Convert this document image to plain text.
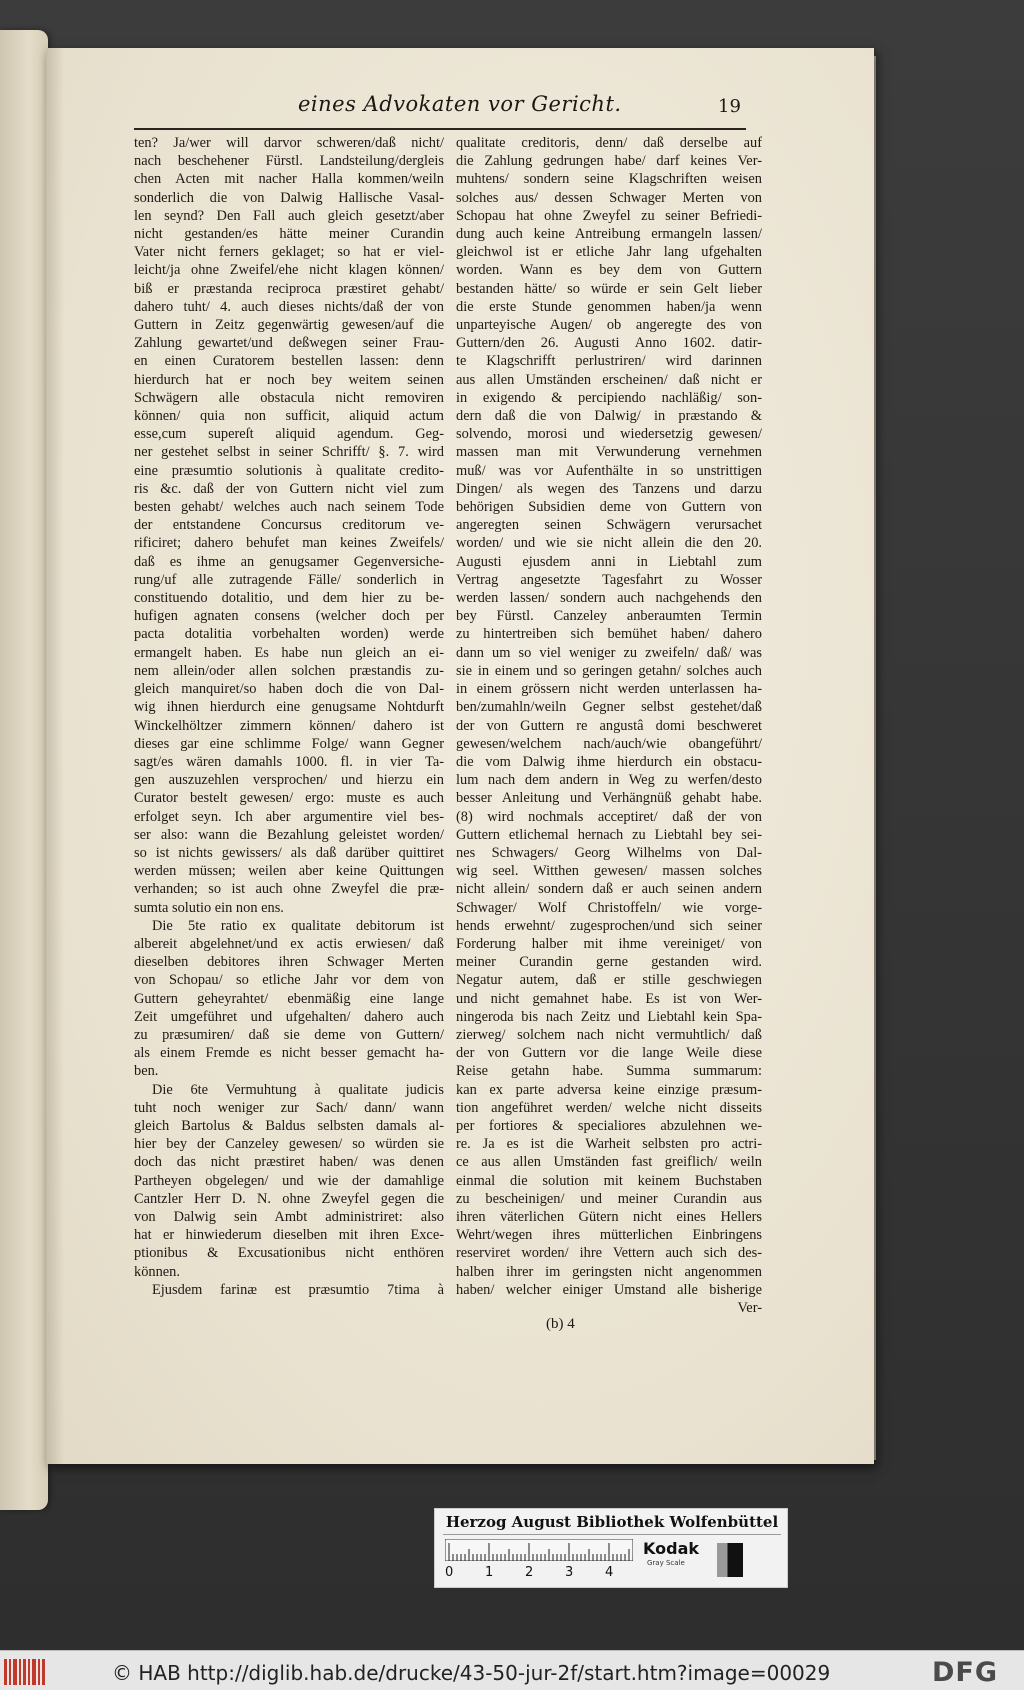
eines Advokaten vor Gericht.	19

ten? Ja/wer will darvor schweren/daß nicht/

nach beschehener Fürstl. Landsteilung/dergleis

chen Acten mit nacher Halla kommen/weiln

sonderlich die von Dalwig Hallische Vasal-

len seynd? Den Fall auch gleich gesetzt/aber

nicht gestanden/es hätte meiner Curandin

Vater nicht ferners geklaget; so hat er viel-

leicht/ja ohne Zweifel/ehe nicht klagen können/

biß er præstanda reciproca præstiret gehabt/

dahero tuht/ 4. auch dieses nichts/daß der von

Guttern in Zeitz gegenwärtig gewesen/auf die

Zahlung gewartet/und deßwegen seiner Frau-

en einen Curatorem bestellen lassen: denn

hierdurch hat er noch bey weitem seinen

Schwägern alle obstacula nicht removiren

können/ quia non sufficit, aliquid actum

esse,cum supereſt aliquid agendum. Geg-

ner gestehet selbst in seiner Schrifft/ §. 7. wird

eine præsumtio solutionis à qualitate credito-

ris &c. daß der von Guttern nicht viel zum

besten gehabt/ welches auch nach seinem Tode

der entstandene Concursus creditorum ve-

rificiret; dahero behufet man keines Zweifels/

daß es ihme an genugsamer Gegenversiche-

rung/uf alle zutragende Fälle/ sonderlich in

constituendo dotalitio, und dem hier zu be-

hufigen agnaten consens (welcher doch per

pacta dotalitia vorbehalten worden) werde

ermangelt haben. Es habe nun gleich an ei-

nem allein/oder allen solchen præstandis zu-

gleich manquiret/so haben doch die von Dal-

wig ihnen hierdurch eine genugsame Nohtdurft

Winckelhöltzer zimmern können/ dahero ist

dieses gar eine schlimme Folge/ wann Gegner

sagt/es wären damahls 1000. fl. in vier Ta-

gen auszuzehlen versprochen/ und hierzu ein

Curator bestelt gewesen/ ergo: muste es auch

erfolget seyn. Ich aber argumentire viel bes-

ser also: wann die Bezahlung geleistet worden/

so ist nichts gewissers/ als daß darüber quittiret

werden müssen; weilen aber keine Quittungen

verhanden; so ist auch ohne Zweyfel die præ-

sumta solutio ein non ens.

Die 5te ratio ex qualitate debitorum ist

albereit abgelehnet/und ex actis erwiesen/ daß

dieselben debitores ihren Schwager Merten

von Schopau/ so etliche Jahr vor dem von

Guttern geheyrahtet/ ebenmäßig eine lange

Zeit umgeführet und ufgehalten/ dahero auch

zu præsumiren/ daß sie deme von Guttern/

als einem Fremde es nicht besser gemacht ha-

ben.

Die 6te Vermuhtung à qualitate judicis

tuht noch weniger zur Sach/ dann/ wann

gleich Bartolus & Baldus selbsten damals al-

hier bey der Canzeley gewesen/ so würden sie

doch das nicht præstiret haben/ was denen

Partheyen obgelegen/ und wie der damahlige

Cantzler Herr D. N. ohne Zweyfel gegen die

von Dalwig sein Ambt administriret: also

hat er hinwiederum dieselben mit ihren Exce-

ptionibus & Excusationibus nicht enthören

können.

Ejusdem farinæ est præsumtio 7tima à

qualitate creditoris, denn/ daß derselbe auf

die Zahlung gedrungen habe/ darf keines Ver-

muhtens/ sondern seine Klagschriften weisen

solches aus/ dessen Schwager Merten von

Schopau hat ohne Zweyfel zu seiner Befriedi-

dung auch keine Antreibung ermangeln lassen/

gleichwol ist er etliche Jahr lang ufgehalten

worden. Wann es bey dem von Guttern

bestanden hätte/ so würde er sein Gelt lieber

die erste Stunde genommen haben/ja wenn

unparteyische Augen/ ob angeregte des von

Guttern/den 26. Augusti Anno 1602. datir-

te Klagschrifft perlustriren/ wird darinnen

aus allen Umständen erscheinen/ daß nicht er

in exigendo & percipiendo nachläßig/ son-

dern daß die von Dalwig/ in præstando &

solvendo, morosi und wiedersetzig gewesen/

massen man mit Verwunderung vernehmen

muß/ was vor Aufenthälte in so unstrittigen

Dingen/ als wegen des Tanzens und darzu

behörigen Subsidien deme von Guttern von

angeregten seinen Schwägern verursachet

worden/ und wie sie nicht allein die den 20.

Augusti ejusdem anni in Liebtahl zum

Vertrag angesetzte Tagesfahrt zu Wosser

werden lassen/ sondern auch nachgehends den

bey Fürstl. Canzeley anberaumten Termin

zu hintertreiben sich bemühet haben/ dahero

dann um so viel weniger zu zweifeln/ daß/ was

sie in einem und so geringen getahn/ solches auch

in einem grössern nicht werden unterlassen ha-

ben/zumahln/weiln Gegner selbst gestehet/daß

der von Guttern re angustâ domi beschweret

gewesen/welchem nach/auch/wie obangeführt/

die vom Dalwig ihme hierdurch ein obstacu-

lum nach dem andern in Weg zu werfen/desto

besser Anleitung und Verhängnüß gehabt habe.

(8) wird nochmals acceptiret/ daß der von

Guttern etlichemal hernach zu Liebtahl bey sei-

nes Schwagers/ Georg Wilhelms von Dal-

wig seel. Witthen gewesen/ massen solches

nicht allein/ sondern daß er auch seinen andern

Schwager/ Wolf Christoffeln/ wie vorge-

hends erwehnt/ zugesprochen/und sich seiner

Forderung halber mit ihme vereiniget/ von

meiner Curandin gerne gestanden wird.

Negatur autem, daß er stille geschwiegen

und nicht gemahnet habe. Es ist von Wer-

ningeroda bis nach Zeitz und Liebtahl kein Spa-

zierweg/ solchem nach nicht vermuhtlich/ daß

der von Guttern vor die lange Weile diese

Reise getahn habe. Summa summarum:

kan ex parte adversa keine einzige præsum-

tion angeführet werden/ welche nicht disseits

per fortiores & specialiores abzulehnen we-

re. Ja es ist die Warheit selbsten pro actri-

ce aus allen Umständen fast greiflich/ weiln

einmal die solution mit keinem Buchstaben

zu bescheinigen/ und meiner Curandin aus

ihren väterlichen Gütern nicht eines Hellers

Wehrt/wegen ihres mütterlichen Einbringens

reserviret worden/ ihre Vettern auch sich des-

halben ihrer im geringsten nicht angenommen

haben/ welcher einiger Umstand alle bisherige

Ver-

(b) 4
Herzog August Bibliothek Wolfenbüttel
0 1 2 3 4
Kodak
Gray Scale
© HAB http://diglib.hab.de/drucke/43-50-jur-2f/start.htm?image=00029	DFG
